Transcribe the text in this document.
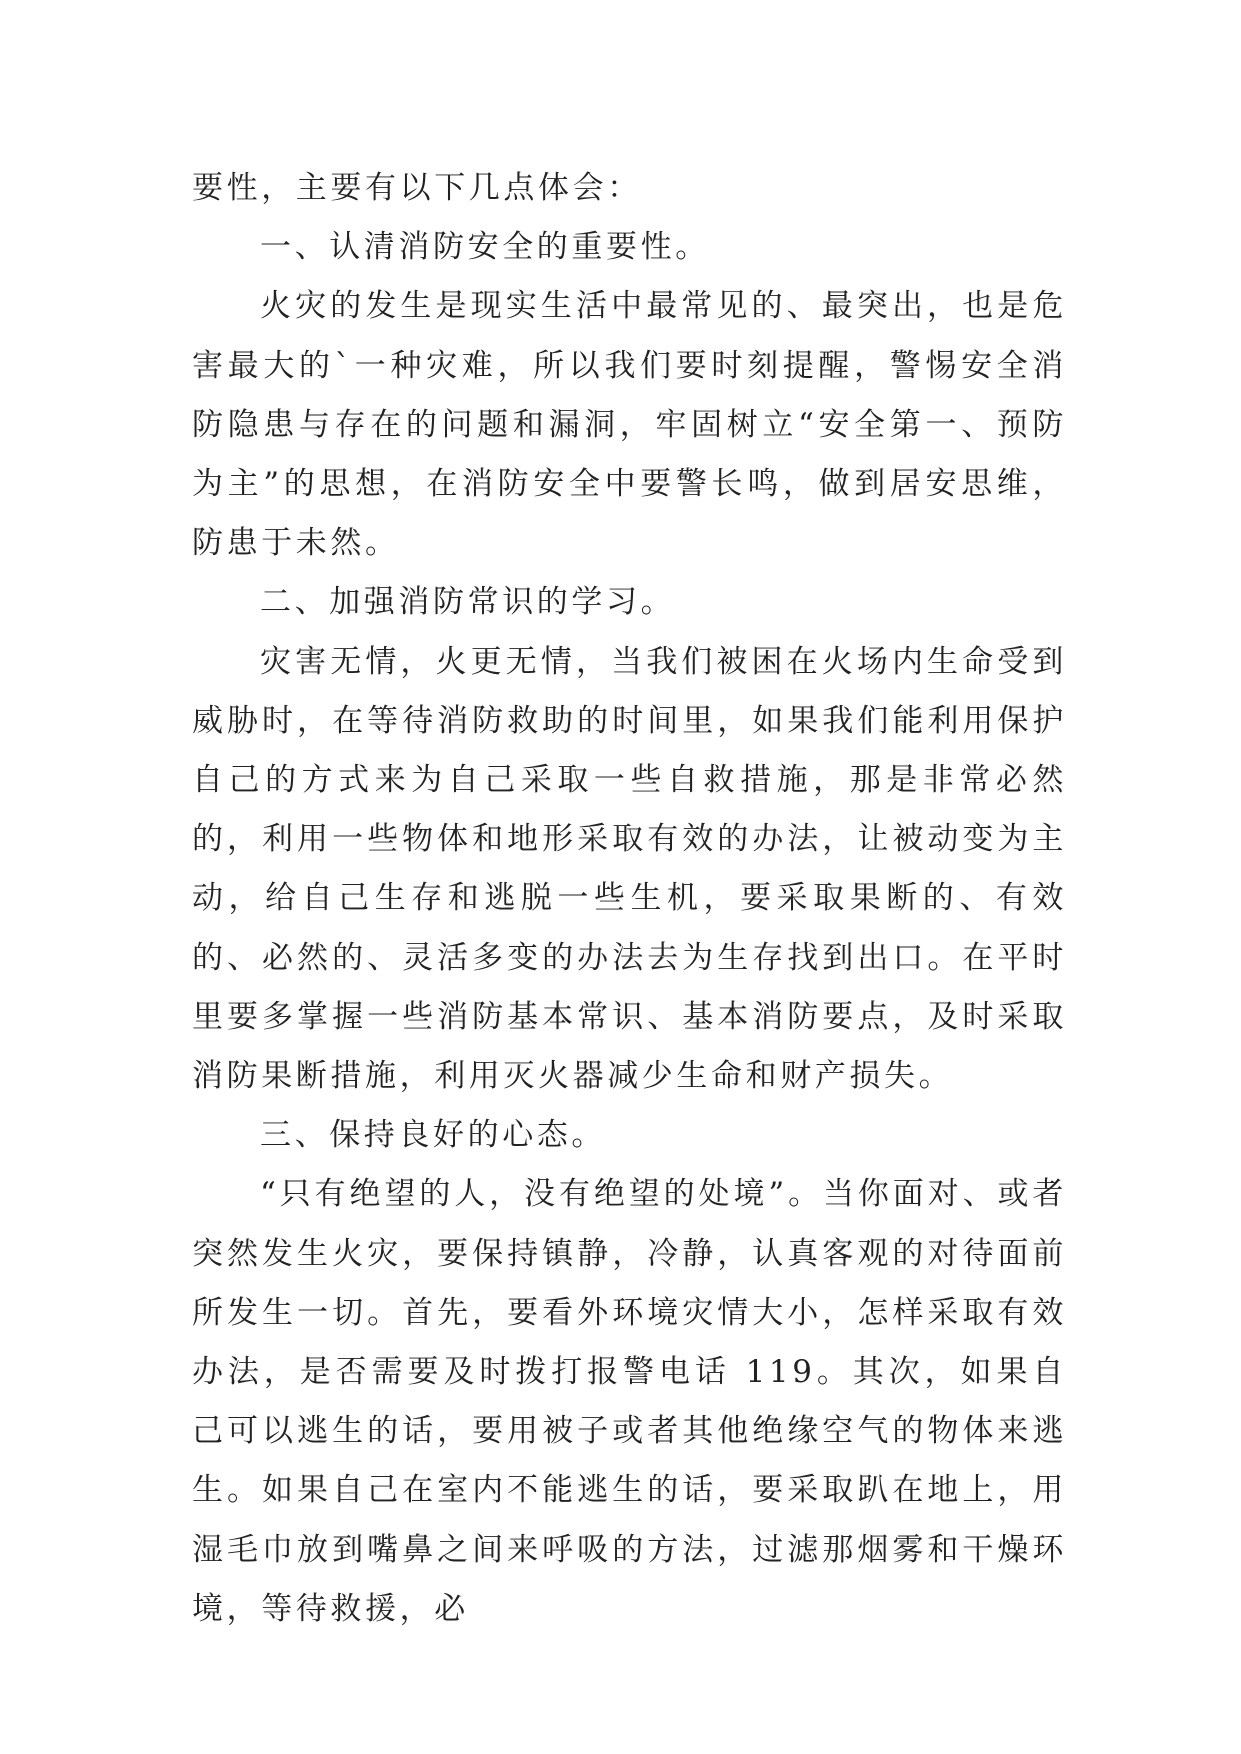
要性，主要有以下几点体会：

一、认清消防安全的重要性。

火灾的发生是现实生活中最常见的、最突出，也是危害最大的`一种灾难，所以我们要时刻提醒，警惕安全消防隐患与存在的问题和漏洞，牢固树立“安全第一、预防为主”的思想，在消防安全中要警长鸣，做到居安思维，防患于未然。

二、加强消防常识的学习。

灾害无情，火更无情，当我们被困在火场内生命受到威胁时，在等待消防救助的时间里，如果我们能利用保护自己的方式来为自己采取一些自救措施，那是非常必然的，利用一些物体和地形采取有效的办法，让被动变为主动，给自己生存和逃脱一些生机，要采取果断的、有效的、必然的、灵活多变的办法去为生存找到出口。在平时里要多掌握一些消防基本常识、基本消防要点，及时采取消防果断措施，利用灭火器减少生命和财产损失。

三、保持良好的心态。

“只有绝望的人，没有绝望的处境”。当你面对、或者突然发生火灾，要保持镇静，冷静，认真客观的对待面前所发生一切。首先，要看外环境灾情大小，怎样采取有效办法，是否需要及时拨打报警电话 119。其次，如果自己可以逃生的话，要用被子或者其他绝缘空气的物体来逃生。如果自己在室内不能逃生的话，要采取趴在地上，用湿毛巾放到嘴鼻之间来呼吸的方法，过滤那烟雾和干燥环境，等待救援，必
